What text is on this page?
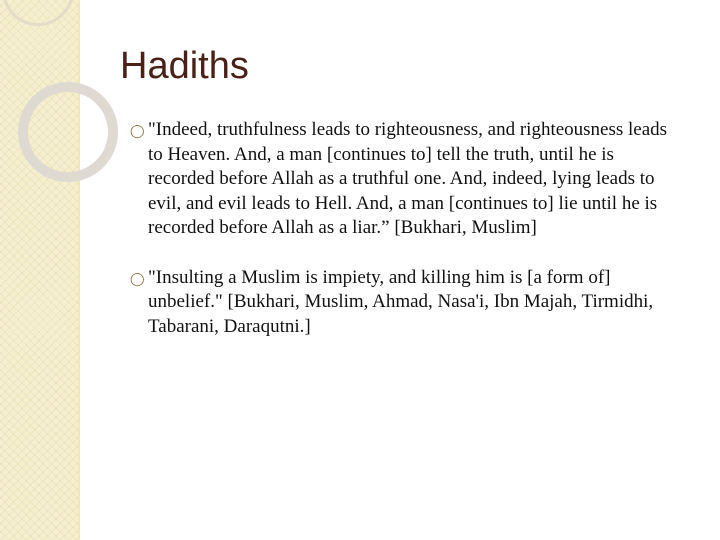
Hadiths
◯ "Indeed, truthfulness leads to righteousness, and righteousness leads to Heaven. And, a man [continues to] tell the truth, until he is recorded before Allah as a truthful one. And, indeed, lying leads to evil, and evil leads to Hell. And, a man [continues to] lie until he is recorded before Allah as a liar.” [Bukhari, Muslim]
◯ "Insulting a Muslim is impiety, and killing him is [a form of] unbelief." [Bukhari, Muslim, Ahmad, Nasa'i, Ibn Majah, Tirmidhi, Tabarani, Daraqutni.]
